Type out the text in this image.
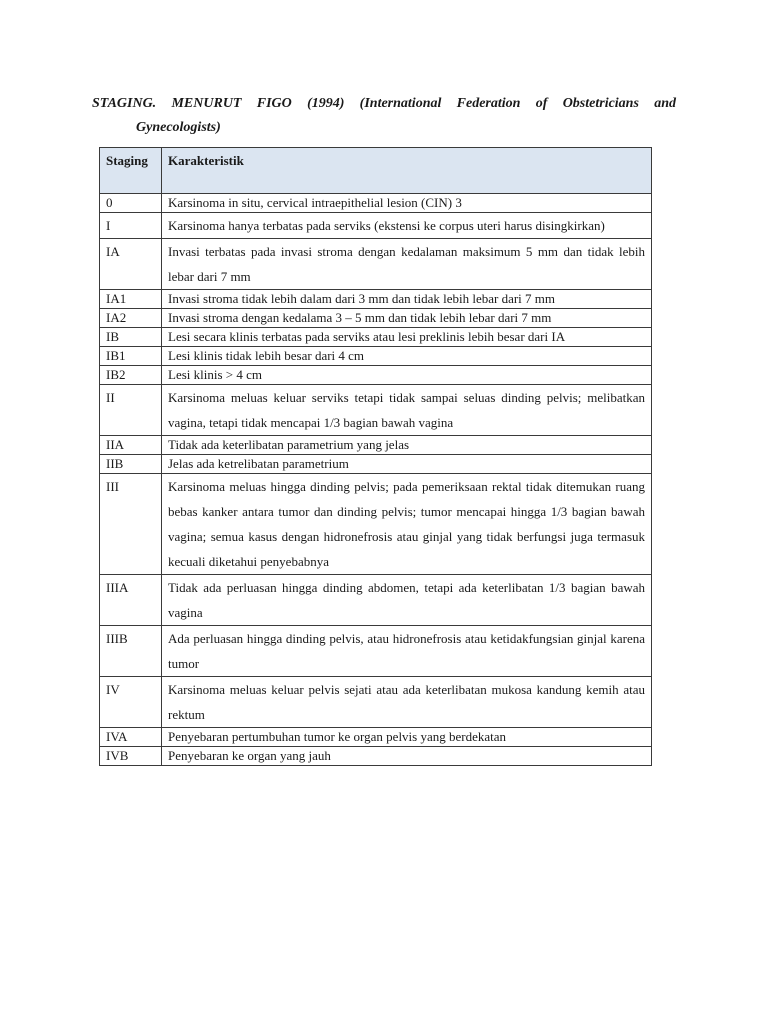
STAGING. MENURUT FIGO (1994) (International Federation of Obstetricians and
Gynecologists)
Staging	Karakteristik
0	Karsinoma in situ, cervical intraepithelial lesion (CIN) 3
I	Karsinoma hanya terbatas pada serviks (ekstensi ke corpus uteri harus disingkirkan)
IA	Invasi terbatas pada invasi stroma dengan kedalaman maksimum 5 mm dan tidak lebih lebar dari 7 mm
IA1	Invasi stroma tidak lebih dalam dari 3 mm dan tidak lebih lebar dari 7 mm
IA2	Invasi stroma dengan kedalama 3 – 5 mm dan tidak lebih lebar dari 7 mm
IB	Lesi secara klinis terbatas pada serviks atau lesi preklinis lebih besar dari IA
IB1	Lesi klinis tidak lebih besar dari 4 cm
IB2	Lesi klinis > 4 cm
II	Karsinoma meluas keluar serviks tetapi tidak sampai seluas dinding pelvis; melibatkan vagina, tetapi tidak mencapai 1/3 bagian bawah vagina
IIA	Tidak ada keterlibatan parametrium yang jelas
IIB	Jelas ada ketrelibatan parametrium
III	Karsinoma meluas hingga dinding pelvis; pada pemeriksaan rektal tidak ditemukan ruang bebas kanker antara tumor dan dinding pelvis; tumor mencapai hingga 1/3 bagian bawah vagina; semua kasus dengan hidronefrosis atau ginjal yang tidak berfungsi juga termasuk kecuali diketahui penyebabnya
IIIA	Tidak ada perluasan hingga dinding abdomen, tetapi ada keterlibatan 1/3 bagian bawah vagina
IIIB	Ada perluasan hingga dinding pelvis, atau hidronefrosis atau ketidakfungsian ginjal karena tumor
IV	Karsinoma meluas keluar pelvis sejati atau ada keterlibatan mukosa kandung kemih atau rektum
IVA	Penyebaran pertumbuhan tumor ke organ pelvis yang berdekatan
IVB	Penyebaran ke organ yang jauh
